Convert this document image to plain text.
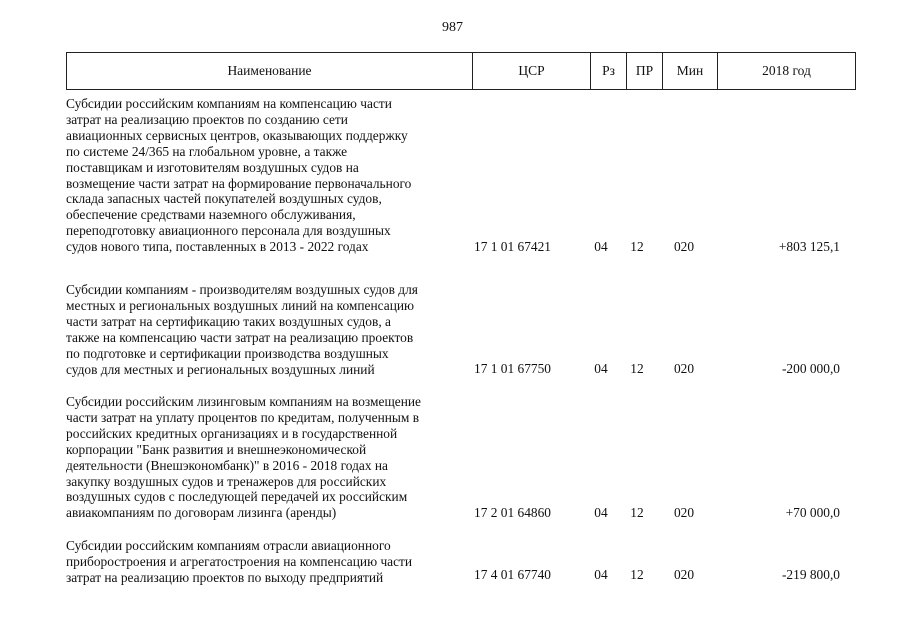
987
Наименование	ЦСР	Рз	ПР	Мин	2018 год
Субсидии российским компаниям на компенсацию части
затрат на реализацию проектов по созданию сети
авиационных сервисных центров, оказывающих поддержку
по системе 24/365 на глобальном уровне, а также
поставщикам и изготовителям воздушных судов на
возмещение части затрат на формирование первоначального
склада запасных частей покупателей воздушных судов,
обеспечение средствами наземного обслуживания,
переподготовку авиационного персонала для воздушных
судов нового типа, поставленных в 2013 - 2022 годах	17 1 01 67421	04	12	020	+803 125,1
Субсидии компаниям - производителям воздушных судов для
местных и региональных воздушных линий на компенсацию
части затрат на сертификацию таких воздушных судов, а
также на компенсацию части затрат на реализацию проектов
по подготовке и сертификации производства воздушных
судов для местных и региональных воздушных линий	17 1 01 67750	04	12	020	-200 000,0
Субсидии российским лизинговым компаниям на возмещение
части затрат на уплату процентов по кредитам, полученным в
российских кредитных организациях и в государственной
корпорации "Банк развития и внешнеэкономической
деятельности (Внешэкономбанк)" в 2016 - 2018 годах на
закупку воздушных судов и тренажеров для российских
воздушных судов с последующей передачей их российским
авиакомпаниям по договорам лизинга (аренды)	17 2 01 64860	04	12	020	+70 000,0
Субсидии российским компаниям отрасли авиационного
приборостроения и агрегатостроения на компенсацию части
затрат на реализацию проектов по выходу предприятий	17 4 01 67740	04	12	020	-219 800,0
